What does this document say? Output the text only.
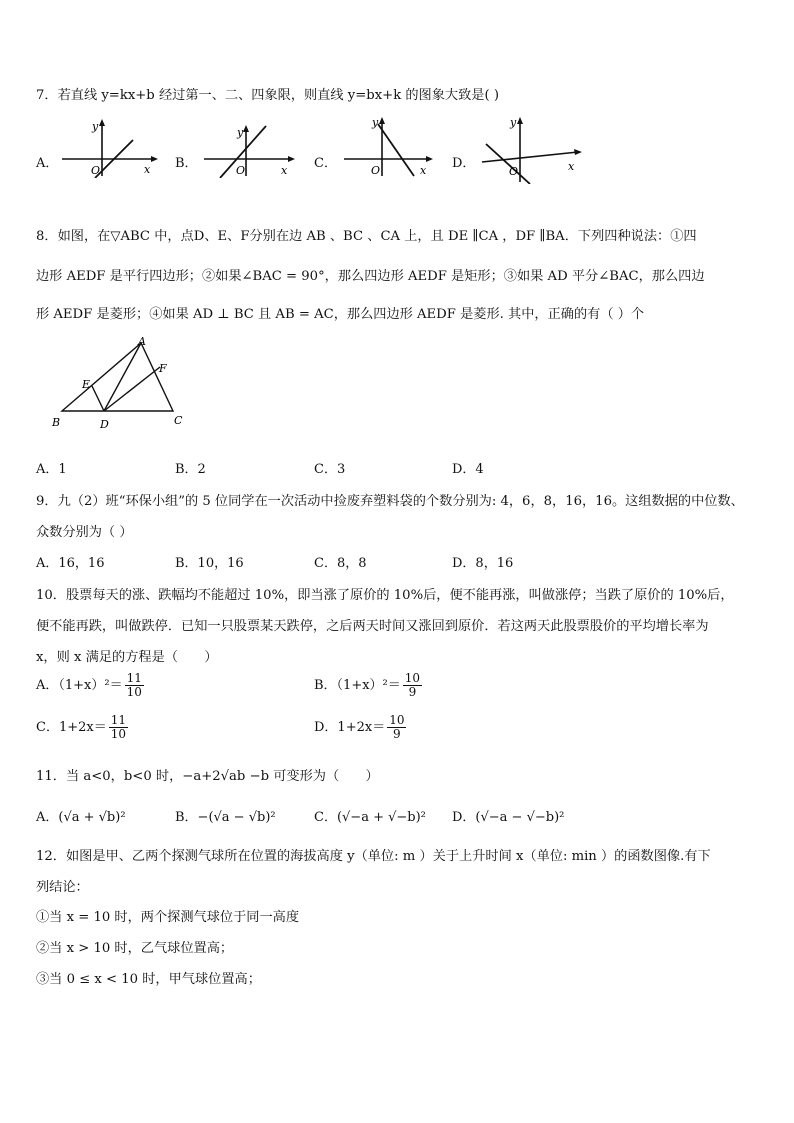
7．若直线 y=kx+b 经过第一、二、四象限，则直线 y=bx+k 的图象大致是( )
A．
y
x
O	B．
y
x
O	C．
y
x
O	D．
y
x
O
8．如图，在▽ABC 中，点D、E、F分别在边 AB 、BC 、CA 上，且 DE ∥CA ，DF ∥BA．下列四种说法：①四
边形 AEDF 是平行四边形；②如果∠BAC = 90°，那么四边形 AEDF 是矩形；③如果 AD 平分∠BAC，那么四边
形 AEDF 是菱形；④如果 AD ⊥ BC 且 AB = AC，那么四边形 AEDF 是菱形. 其中，正确的有（ ）个
A
B	C
D
E
F
A．1	B．2	C．3	D．4
9．九（2）班“环保小组”的 5 位同学在一次活动中捡废弃塑料袋的个数分别为: 4，6，8，16，16。这组数据的中位数、
众数分别为（ ）
A．16，16	B．10，16	C．8，8	D．8，16
10．股票每天的涨、跌幅均不能超过 10%，即当涨了原价的 10%后，便不能再涨，叫做涨停；当跌了原价的 10%后，
便不能再跌，叫做跌停．已知一只股票某天跌停，之后两天时间又涨回到原价．若这两天此股票股价的平均增长率为
x，则 x 满足的方程是（　　）
A．$(1+x)^2= \frac{11}{10}$	B．$(1+x)^2= \frac{10}{9}$
C．$1+2x= \frac{11}{10}$	D．$1+2x= \frac{10}{9}$
11．当 a<0，b<0 时，−a+2√ab −b 可变形为（　　）
A．(√a + √b)²	B．−(√a − √b)²	C．(√−a + √−b)² D．(√−a − √−b)²
12．如图是甲、乙两个探测气球所在位置的海拔高度 y（单位: m ）关于上升时间 x（单位: min ）的函数图像.有下
列结论：
①当 x = 10 时，两个探测气球位于同一高度
②当 x > 10 时，乙气球位置高；
③当 0 ≤ x < 10 时，甲气球位置高；
